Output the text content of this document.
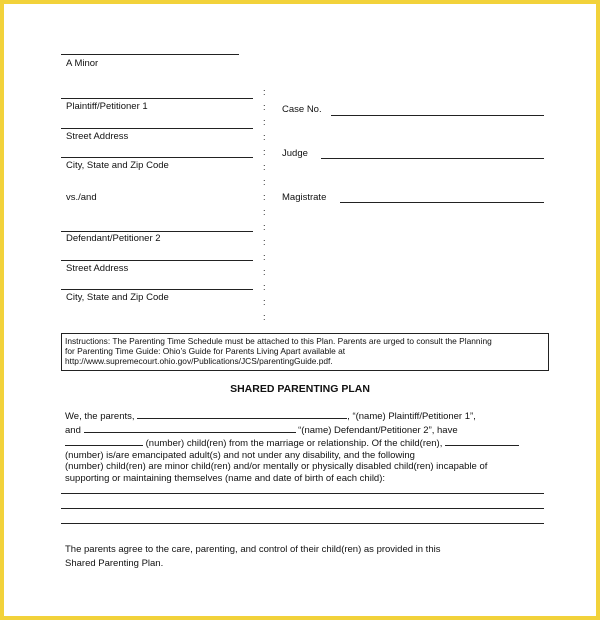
A Minor
Plaintiff/Petitioner 1
Street Address
City, State and Zip Code
vs./and
Defendant/Petitioner 2
Street Address
City, State and Zip Code
:
:
:
:
:
:
:
:
:
:
:
:
:
:
:
:
Case No.
Judge
Magistrate
Instructions: The Parenting Time Schedule must be attached to this Plan. Parents are urged to consult the Planning
for Parenting Time Guide: Ohio’s Guide for Parents Living Apart available at
http://www.supremecourt.ohio.gov/Publications/JCS/parentingGuide.pdf.
SHARED PARENTING PLAN
We, the parents,	, “(name) Plaintiff/Petitioner 1”,
and	“(name) Defendant/Petitioner 2”, have
(number) child(ren) from the marriage or relationship. Of the child(ren),
(number) is/are emancipated adult(s) and not under any disability, and the following
(number) child(ren) are minor child(ren) and/or mentally or physically disabled child(ren) incapable of
supporting or maintaining themselves (name and date of birth of each child):
The parents agree to the care, parenting, and control of their child(ren) as provided in this
Shared Parenting Plan.
